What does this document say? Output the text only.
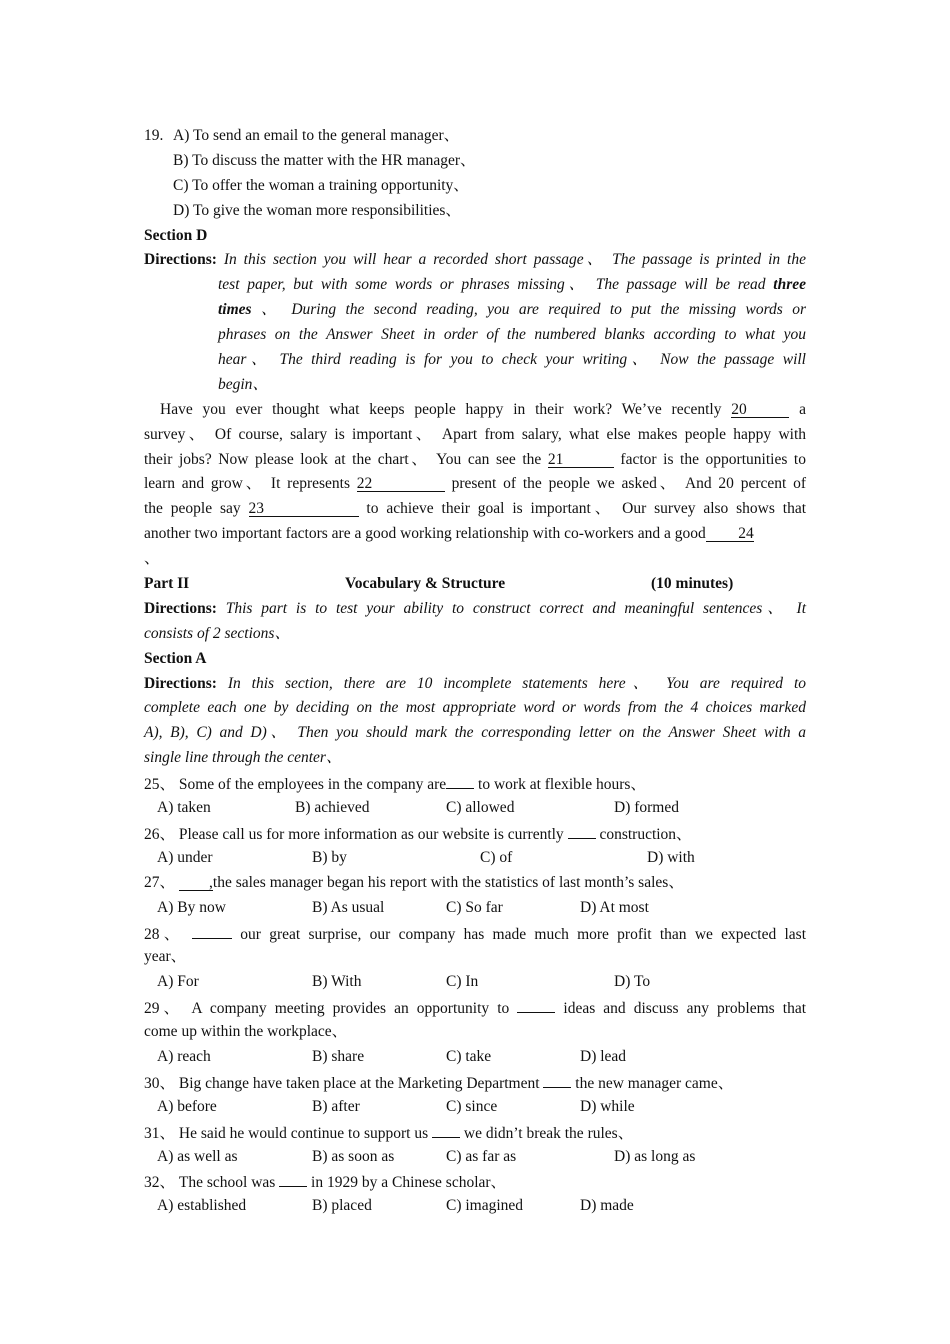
19. A) To send an email to the general manager、
B) To discuss the matter with the HR manager、
C) To offer the woman a training opportunity、
D) To give the woman more responsibilities、
Section D
Directions: In this section you will hear a recorded short passage、 The passage is printed in the
test paper, but with some words or phrases missing、 The passage will be read three
times 、 During the second reading, you are required to put the missing words or
phrases on the Answer Sheet in order of the numbered blanks according to what you
hear、 The third reading is for you to check your writing、 Now the passage will
begin、
Have you ever thought what keeps people happy in their work? We’ve recently 20	a
survey、 Of course, salary is important、 Apart from salary, what else makes people happy with
their jobs? Now please look at the chart、 You can see the 21	factor is the opportunities to
learn and grow、 It represents 22	present of the people we asked、 And 20 percent of
the people say 23	to achieve their goal is important、 Our survey also shows that
another two important factors are a good working relationship with co-workers and a good 24
、
Part II	Vocabulary & Structure	(10 minutes)
Directions: This part is to test your ability to construct correct and meaningful sentences、 It
consists of 2 sections、
Section A
Directions: In this section, there are 10 incomplete statements here、 You are required to
complete each one by deciding on the most appropriate word or words from the 4 choices marked
A), B), C) and D)、 Then you should mark the corresponding letter on the Answer Sheet with a
single line through the center、
25、 Some of the employees in the company are to work at flexible hours、
A) taken	B) achieved	C) allowed	D) formed
26、 Please call us for more information as our website is currently construction、
A) under	B) by	C) of	D) with
27、 ,the sales manager began his report with the statistics of last month’s sales、
A) By now	B) As usual	C) So far	D) At most
28、	our great surprise, our company has made much more profit than we expected last
year、
A) For	B) With	C) In	D) To
29、 A company meeting provides an opportunity to	ideas and discuss any problems that
come up within the workplace、
A) reach	B) share	C) take	D) lead
30、 Big change have taken place at the Marketing Department the new manager came、
A) before	B) after	C) since	D) while
31、 He said he would continue to support us we didn’t break the rules、
A) as well as	B) as soon as	C) as far as	D) as long as
32、 The school was in 1929 by a Chinese scholar、
A) established	B) placed	C) imagined	D) made
